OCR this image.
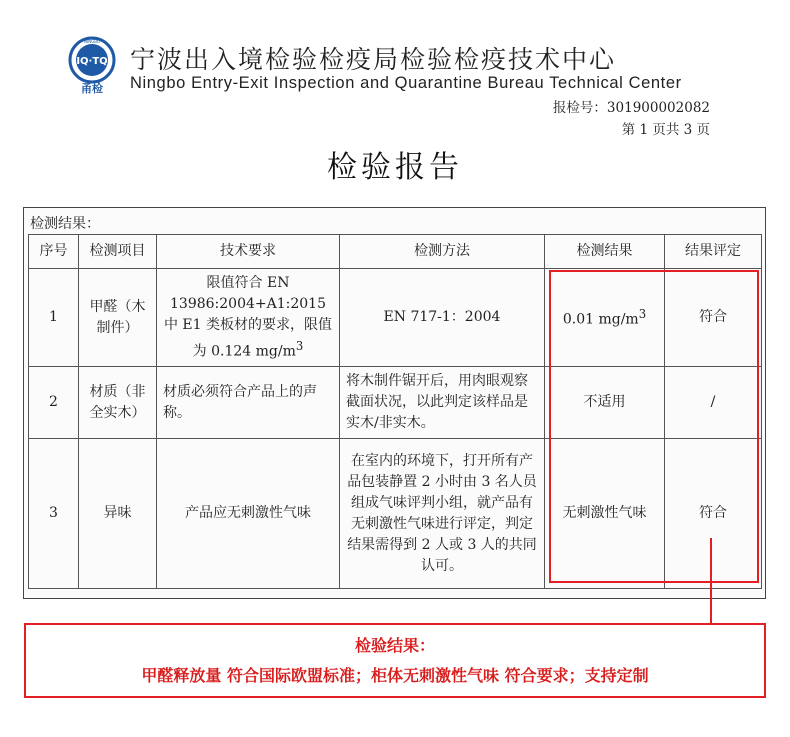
IQ·TQ
NINGBO
甬检
宁波出入境检验检疫局检验检疫技术中心
Ningbo Entry-Exit Inspection and Quarantine Bureau Technical Center
报检号：301900002082
第 1 页共 3 页
检验报告
检测结果：
序号	检测项目	技术要求	检测方法	检测结果	结果评定
1	甲醛（木制件）	限值符合 EN 13986:2004+A1:2015 中 E1 类板材的要求，限值为 0.124 $mg/m^3$	EN 717-1：2004	0.01 $mg/m^3$	符合
2	材质（非全实木）	材质必须符合产品上的声称。	将木制件锯开后，用肉眼观察截面状况，以此判定该样品是实木/非实木。	不适用	/
3	异味	产品应无刺激性气味	在室内的环境下，打开所有产品包装静置 2 小时由 3 名人员组成气味评判小组，就产品有无刺激性气味进行评定，判定结果需得到 2 人或 3 人的共同认可。	无刺激性气味	符合
检验结果：
甲醛释放量 符合国际欧盟标准；柜体无刺激性气味 符合要求；支持定制
